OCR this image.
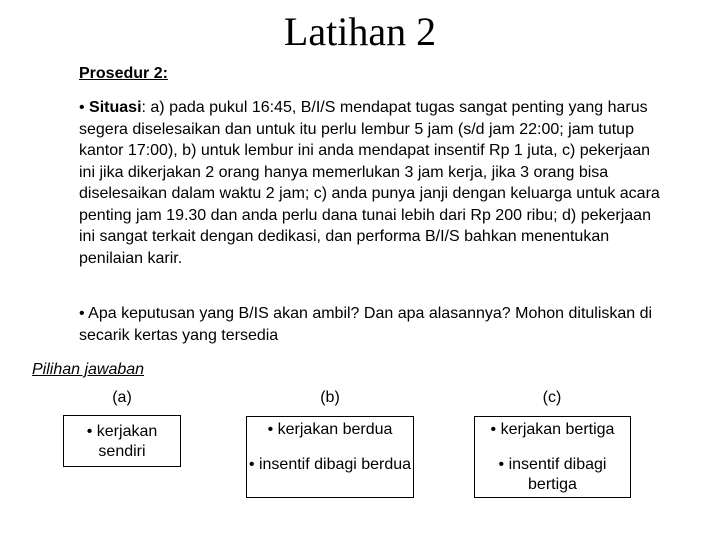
Latihan 2
Prosedur 2:
• Situasi: a) pada pukul 16:45, B/I/S mendapat tugas sangat penting yang harus segera diselesaikan dan untuk itu perlu lembur 5 jam (s/d jam 22:00; jam tutup kantor 17:00), b) untuk lembur ini anda mendapat insentif Rp 1 juta, c) pekerjaan ini jika dikerjakan 2 orang hanya memerlukan 3 jam kerja, jika 3 orang bisa diselesaikan dalam waktu 2 jam; c) anda punya janji dengan keluarga untuk acara penting jam 19.30 dan anda perlu dana tunai lebih dari Rp 200 ribu; d) pekerjaan ini sangat terkait dengan dedikasi, dan performa B/I/S bahkan menentukan penilaian karir.
• Apa keputusan yang B/IS akan ambil? Dan apa alasannya? Mohon dituliskan di secarik kertas yang tersedia
Pilihan jawaban
(a)	(b)	(c)
• kerjakan sendiri
• kerjakan berdua
• insentif dibagi berdua
• kerjakan bertiga
• insentif dibagi bertiga
